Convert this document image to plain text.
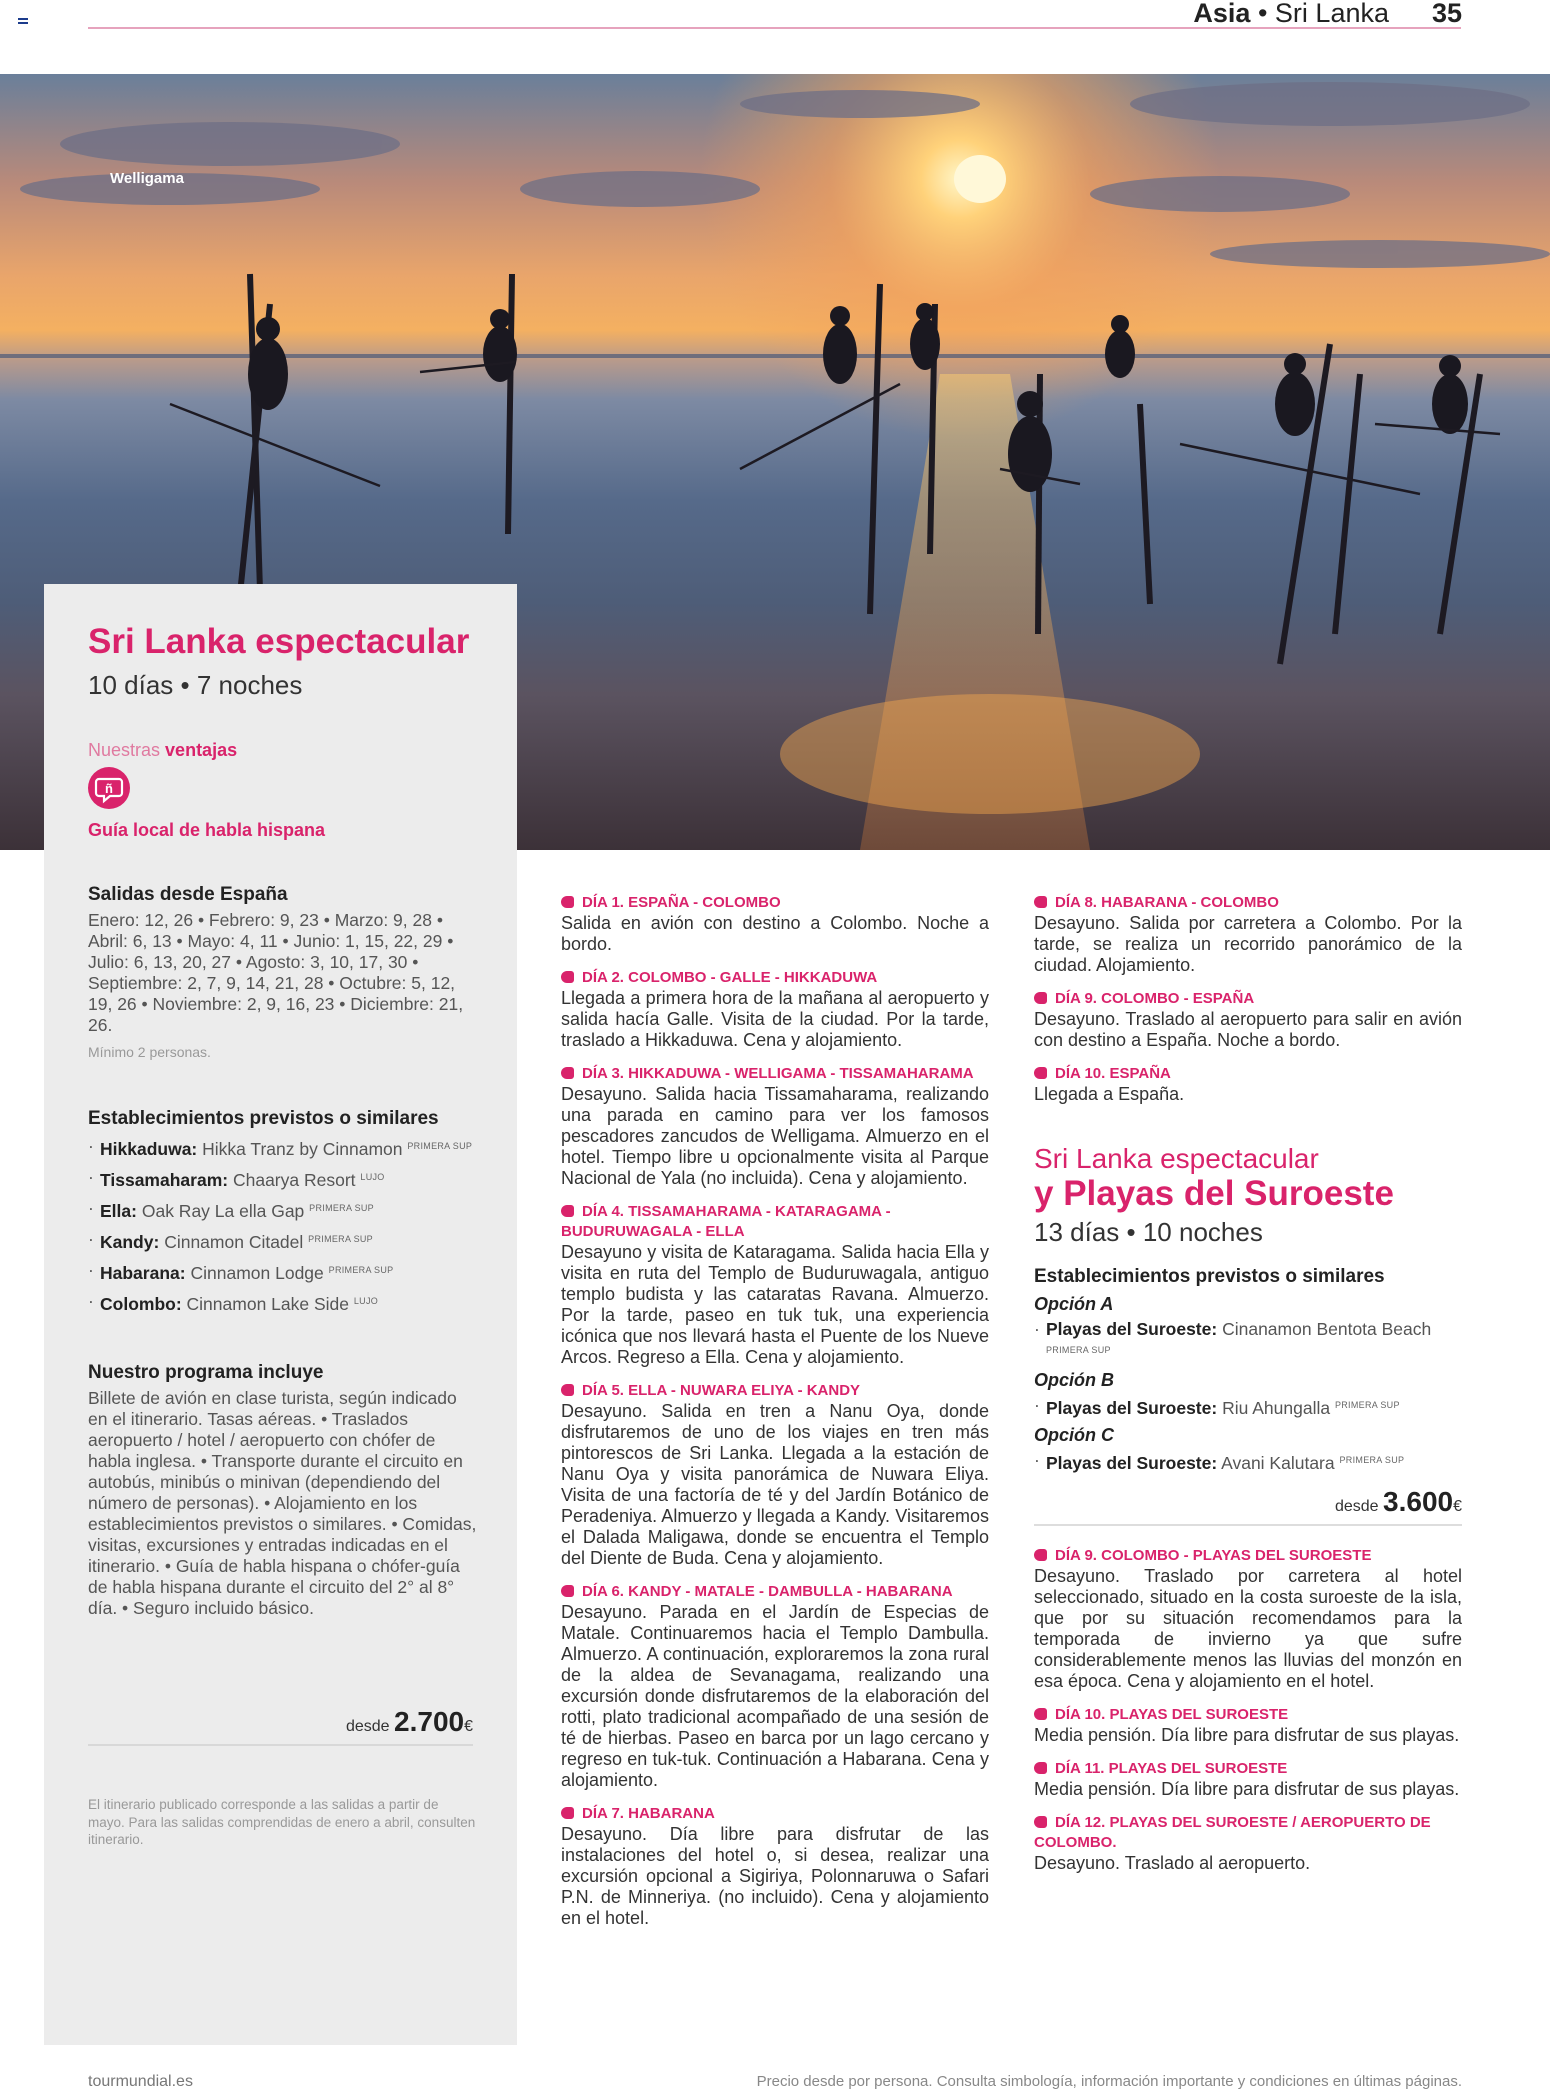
Asia • Sri Lanka 35
Welligama
Sri Lanka espectacular
10 días • 7 noches
Nuestras ventajas
ñ
Guía local de habla hispana
Salidas desde España
Enero: 12, 26 • Febrero: 9, 23 • Marzo: 9, 28 • Abril: 6, 13 • Mayo: 4, 11 • Junio: 1, 15, 22, 29 • Julio: 6, 13, 20, 27 • Agosto: 3, 10, 17, 30 • Septiembre: 2, 7, 9, 14, 21, 28 • Octubre: 5, 12, 19, 26 • Noviembre: 2, 9, 16, 23 • Diciembre: 21, 26.
Mínimo 2 personas.
Establecimientos previstos o similares
· Hikkaduwa: Hikka Tranz by Cinnamon $^{PRIMERA SUP}$
· Tissamaharam: Chaarya Resort $^{LUJO}$
· Ella: Oak Ray La ella Gap $^{PRIMERA SUP}$
· Kandy: Cinnamon Citadel $^{PRIMERA SUP}$
· Habarana: Cinnamon Lodge $^{PRIMERA SUP}$
· Colombo: Cinnamon Lake Side $^{LUJO}$
Nuestro programa incluye
Billete de avión en clase turista, según indicado en el itinerario. Tasas aéreas. • Traslados aeropuerto / hotel / aeropuerto con chófer de habla inglesa. • Transporte durante el circuito en autobús, minibús o minivan (dependiendo del número de personas). • Alojamiento en los establecimientos previstos o similares. • Comidas, visitas, excursiones y entradas indicadas en el itinerario. • Guía de habla hispana o chófer-guía de habla hispana durante el circuito del 2° al 8° día. • Seguro incluido básico.
desde 2.700€
El itinerario publicado corresponde a las salidas a partir de mayo. Para las salidas comprendidas de enero a abril, consulten itinerario.
DÍA 1. ESPAÑA - COLOMBO
Salida en avión con destino a Colombo. Noche a bordo.
DÍA 2. COLOMBO - GALLE - HIKKADUWA
Llegada a primera hora de la mañana al aeropuerto y salida hacía Galle. Visita de la ciudad. Por la tarde, traslado a Hikkaduwa. Cena y alojamiento.
DÍA 3. HIKKADUWA - WELLIGAMA - TISSAMAHARAMA
Desayuno. Salida hacia Tissamaharama, realizando una parada en camino para ver los famosos pescadores zancudos de Welligama. Almuerzo en el hotel. Tiempo libre u opcionalmente visita al Parque Nacional de Yala (no incluida). Cena y alojamiento.
DÍA 4. TISSAMAHARAMA - KATARAGAMA - BUDURUWAGALA - ELLA
Desayuno y visita de Kataragama. Salida hacia Ella y visita en ruta del Templo de Buduruwagala, antiguo templo budista y las cataratas Ravana. Almuerzo. Por la tarde, paseo en tuk tuk, una experiencia icónica que nos llevará hasta el Puente de los Nueve Arcos. Regreso a Ella. Cena y alojamiento.
DÍA 5. ELLA - NUWARA ELIYA - KANDY
Desayuno. Salida en tren a Nanu Oya, donde disfrutaremos de uno de los viajes en tren más pintorescos de Sri Lanka. Llegada a la estación de Nanu Oya y visita panorámica de Nuwara Eliya. Visita de una factoría de té y del Jardín Botánico de Peradeniya. Almuerzo y llegada a Kandy. Visitaremos el Dalada Maligawa, donde se encuentra el Templo del Diente de Buda. Cena y alojamiento.
DÍA 6. KANDY - MATALE - DAMBULLA - HABARANA
Desayuno. Parada en el Jardín de Especias de Matale. Continuaremos hacia el Templo Dambulla. Almuerzo. A continuación, exploraremos la zona rural de la aldea de Sevanagama, realizando una excursión donde disfrutaremos de la elaboración del rotti, plato tradicional acompañado de una sesión de té de hierbas. Paseo en barca por un lago cercano y regreso en tuk-tuk. Continuación a Habarana. Cena y alojamiento.
DÍA 7. HABARANA
Desayuno. Día libre para disfrutar de las instalaciones del hotel o, si desea, realizar una excursión opcional a Sigiriya, Polonnaruwa o Safari P.N. de Minneriya. (no incluido). Cena y alojamiento en el hotel.
DÍA 8. HABARANA - COLOMBO
Desayuno. Salida por carretera a Colombo. Por la tarde, se realiza un recorrido panorámico de la ciudad. Alojamiento.
DÍA 9. COLOMBO - ESPAÑA
Desayuno. Traslado al aeropuerto para salir en avión con destino a España. Noche a bordo.
DÍA 10. ESPAÑA
Llegada a España.
Sri Lanka espectacular
y Playas del Suroeste
13 días • 10 noches
Establecimientos previstos o similares
Opción A
· Playas del Suroeste: Cinanamon Bentota Beach $^{PRIMERA SUP}$
Opción B
· Playas del Suroeste: Riu Ahungalla $^{PRIMERA SUP}$
Opción C
· Playas del Suroeste: Avani Kalutara $^{PRIMERA SUP}$
desde 3.600€
DÍA 9. COLOMBO - PLAYAS DEL SUROESTE
Desayuno. Traslado por carretera al hotel seleccionado, situado en la costa suroeste de la isla, que por su situación recomendamos para la temporada de invierno ya que sufre considerablemente menos las lluvias del monzón en esa época. Cena y alojamiento en el hotel.
DÍA 10. PLAYAS DEL SUROESTE
Media pensión. Día libre para disfrutar de sus playas.
DÍA 11. PLAYAS DEL SUROESTE
Media pensión. Día libre para disfrutar de sus playas.
DÍA 12. PLAYAS DEL SUROESTE / AEROPUERTO DE COLOMBO.
Desayuno. Traslado al aeropuerto.
tourmundial.es	Precio desde por persona. Consulta simbología, información importante y condiciones en últimas páginas.
